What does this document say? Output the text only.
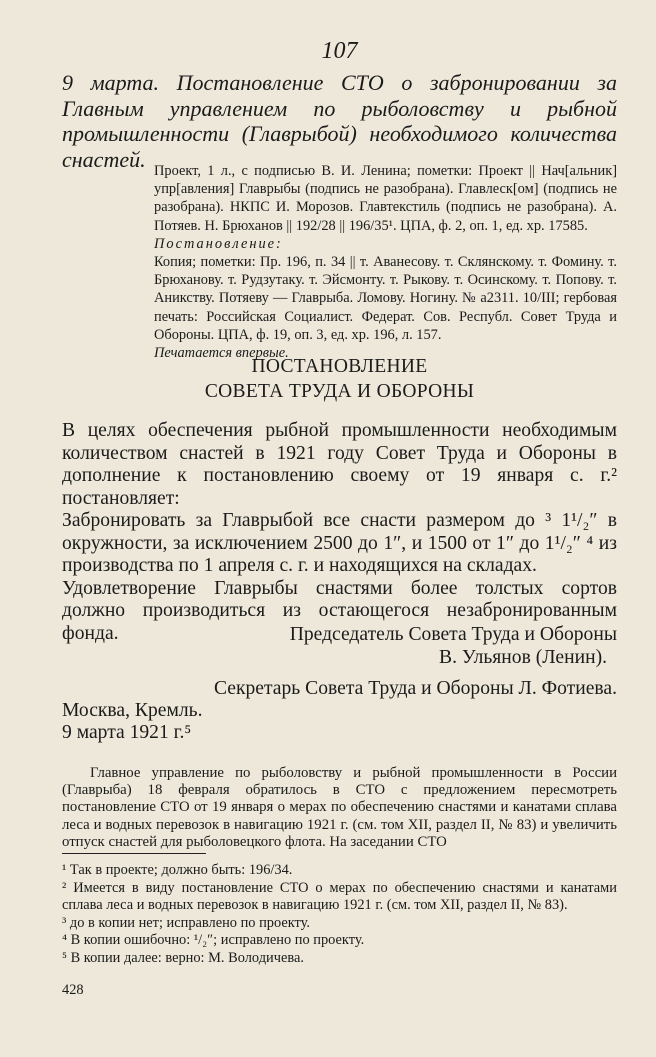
107
9 марта. Постановление СТО о забронировании за Главным управлением по рыболовству и рыбной промышленности (Главрыбой) необходимого количества снастей. Проект, 1 л., с подписью В. И. Ленина; пометки: Проект || Нач[альник] упр[авления] Главрыбы (подпись не разобрана). Главлеск[ом] (подпись не разобрана). НКПС И. Морозов. Главтекстиль (подпись не разобрана). А. Потяев. Н. Брюханов || 192/28 || 196/35¹. ЦПА, ф. 2, оп. 1, ед. хр. 17585.

Постановление:

Копия; пометки: Пр. 196, п. 34 || т. Аванесову. т. Склянскому. т. Фомину. т. Брюханову. т. Рудзутаку. т. Эйсмонту. т. Рыкову. т. Осинскому. т. Попову. т. Аникству. Потяеву — Главрыба. Ломову. Ногину. № а2311. 10/III; гербовая печать: Российская Социалист. Федерат. Сов. Республ. Совет Труда и Обороны. ЦПА, ф. 19, оп. 3, ед. хр. 196, л. 157.

Печатается впервые.

ПОСТАНОВЛЕНИЕ
СОВЕТА ТРУДА И ОБОРОНЫ

В целях обеспечения рыбной промышленности необходимым количеством снастей в 1921 году Совет Труда и Обороны в дополнение к постановлению своему от 19 января с. г.² постановляет:

Забронировать за Главрыбой все снасти размером до ³ 1¹/₂″ в окружности, за исключением 2500 до 1″, и 1500 от 1″ до 1¹/₂″ ⁴ из производства по 1 апреля с. г. и находящихся на складах.

Удовлетворение Главрыбы снастями более толстых сортов должно производиться из остающегося незабронированным фонда.	Председатель Совета Труда и Обороны
В. Ульянов (Ленин).
Секретарь Совета Труда и Обороны Л. Фотиева.
Москва, Кремль.
9 марта 1921 г.⁵
Главное управление по рыболовству и рыбной промышленности в России (Главрыба) 18 февраля обратилось в СТО с предложением пересмотреть постановление СТО от 19 января о мерах по обеспечению снастями и канатами сплава леса и водных перевозок в навигацию 1921 г. (см. том XII, раздел II, № 83) и увеличить отпуск снастей для рыболовецкого флота. На заседании СТО

¹ Так в проекте; должно быть: 196/34.

² Имеется в виду постановление СТО о мерах по обеспечению снастями и канатами сплава леса и водных перевозок в навигацию 1921 г. (см. том XII, раздел II, № 83).

³ до в копии нет; исправлено по проекту.

⁴ В копии ошибочно: ¹/₂″; исправлено по проекту.

⁵ В копии далее: верно: М. Володичева.

428
